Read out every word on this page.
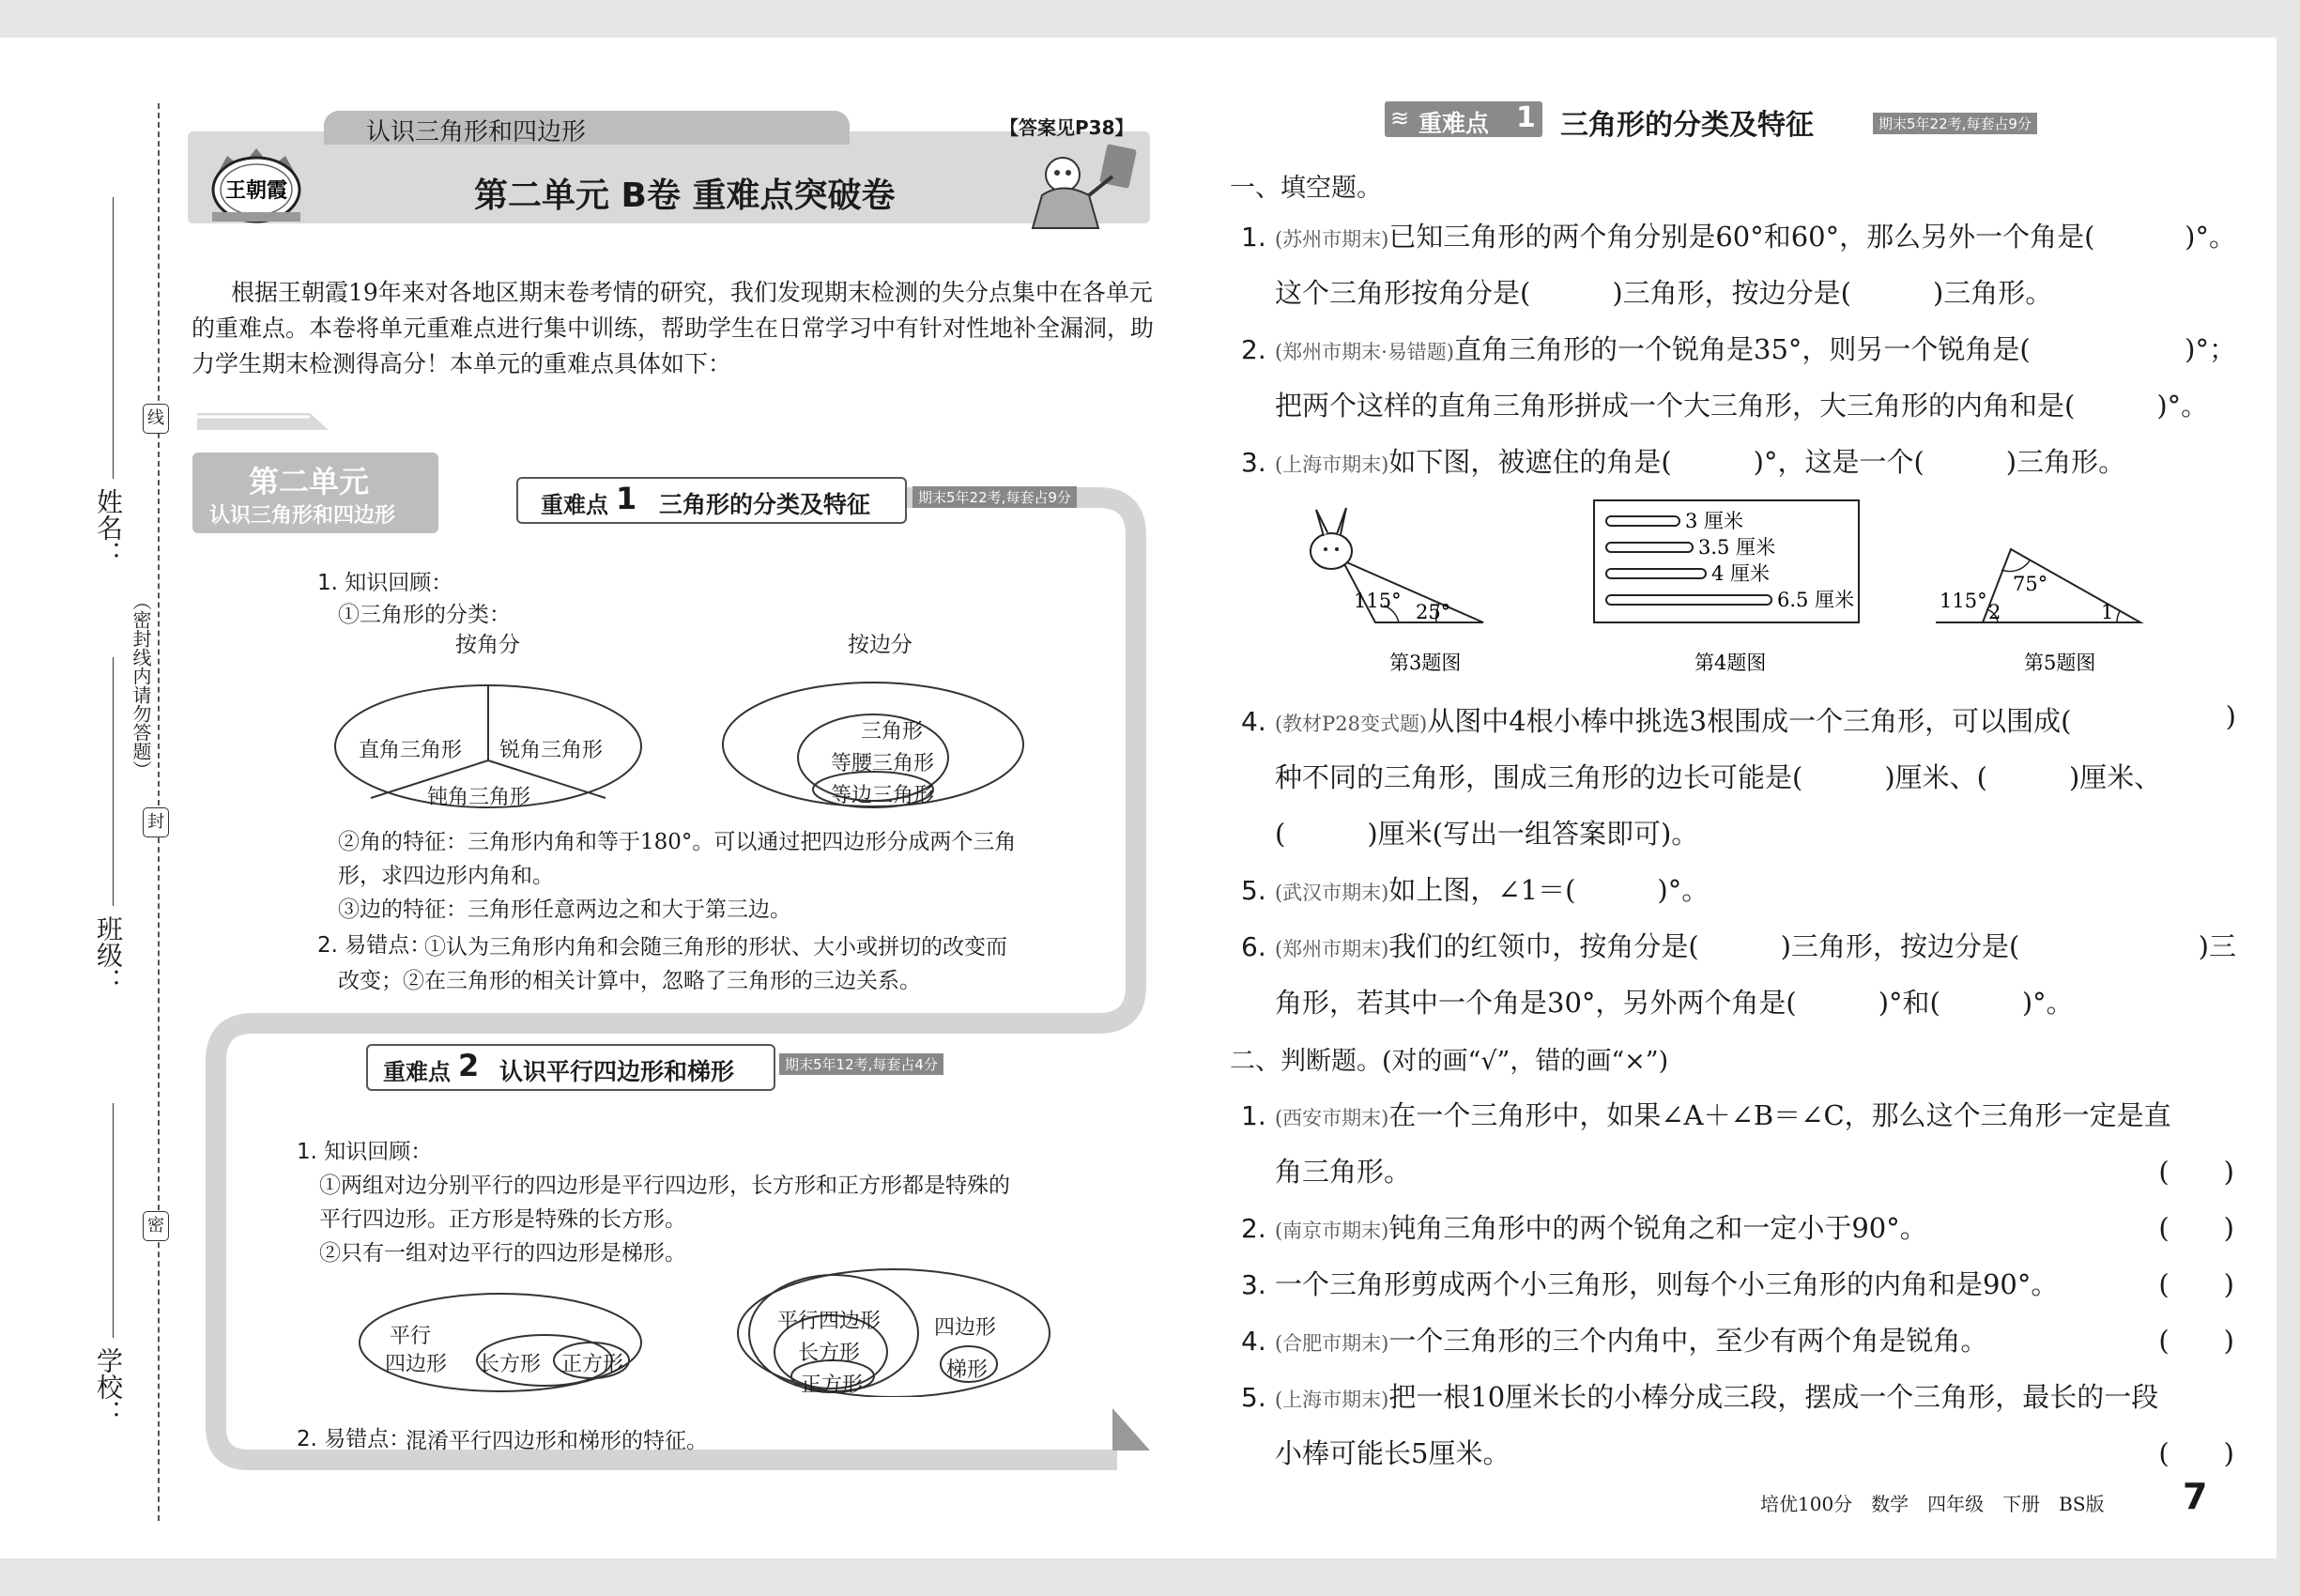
姓名：
班级：
学校：
（密封线内请勿答题）
线
封
密
认识三角形和四边形	【答案见P38】
第二单元 B卷 重难点突破卷
王朝霞
根据王朝霞19年来对各地区期末卷考情的研究，我们发现期末检测的失分点集中在各单元
的重难点。本卷将单元重难点进行集中训练，帮助学生在日常学习中有针对性地补全漏洞，助
力学生期末检测得高分！本单元的重难点具体如下：
第二单元
认识三角形和四边形	重难点 1 三角形的分类及特征	期末5年22考,每套占9分
1. 知识回顾：
①三角形的分类：
按角分	按边分
直角三角形 锐角三角形
钝角三角形
三角形
等腰三角形
等边三角形
②角的特征：三角形内角和等于180°。可以通过把四边形分成两个三角
形，求四边形内角和。
③边的特征：三角形任意两边之和大于第三边。
2. 易错点：
①认为三角形内角和会随三角形的形状、大小或拼切的改变而
改变；②在三角形的相关计算中，忽略了三角形的三边关系。
重难点 2 认识平行四边形和梯形	期末5年12考,每套占4分
1. 知识回顾：
①两组对边分别平行的四边形是平行四边形，长方形和正方形都是特殊的
平行四边形。正方形是特殊的长方形。
②只有一组对边平行的四边形是梯形。
平行
四边形 长方形 正方形
平行四边形
长方形
正方形
四边形
梯形
2. 易错点：
混淆平行四边形和梯形的特征。
≋ 重难点 1 三角形的分类及特征	期末5年22考,每套占9分
一、填空题。
1. (苏州市期末)已知三角形的两个角分别是60°和60°，那么另外一个角是(	)°。
这个三角形按角分是(　　　)三角形，按边分是(　　　)三角形。
2. (郑州市期末·易错题)直角三角形的一个锐角是35°，则另一个锐角是(	)°；
把两个这样的直角三角形拼成一个大三角形，大三角形的内角和是(　　　)°。
3. (上海市期末)如下图，被遮住的角是(　　　)°，这是一个(　　　)三角形。
115° 25°
第3题图
3 厘米
3.5 厘米
4 厘米
6.5 厘米
第4题图
75°
115° 2	1
第5题图
4. (教材P28变式题)从图中4根小棒中挑选3根围成一个三角形，可以围成(	)
种不同的三角形，围成三角形的边长可能是(　　　)厘米、(　　　)厘米、
(　　　)厘米(写出一组答案即可)。
5. (武汉市期末)如上图，∠1＝(　　　)°。
6. (郑州市期末)我们的红领巾，按角分是(　　　)三角形，按边分是(	)三
角形，若其中一个角是30°，另外两个角是(　　　)°和(　　　)°。
二、判断题。(对的画“√”，错的画“×”)
1. (西安市期末)在一个三角形中，如果∠A＋∠B＝∠C，那么这个三角形一定是直
角三角形。	(　　)
2. (南京市期末)钝角三角形中的两个锐角之和一定小于90°。	(　　)
3. 一个三角形剪成两个小三角形，则每个小三角形的内角和是90°。	(　　)
4. (合肥市期末)一个三角形的三个内角中，至少有两个角是锐角。	(　　)
5. (上海市期末)把一根10厘米长的小棒分成三段，摆成一个三角形，最长的一段
小棒可能长5厘米。	(　　)
培优100分　数学　四年级　下册　BS版 7
